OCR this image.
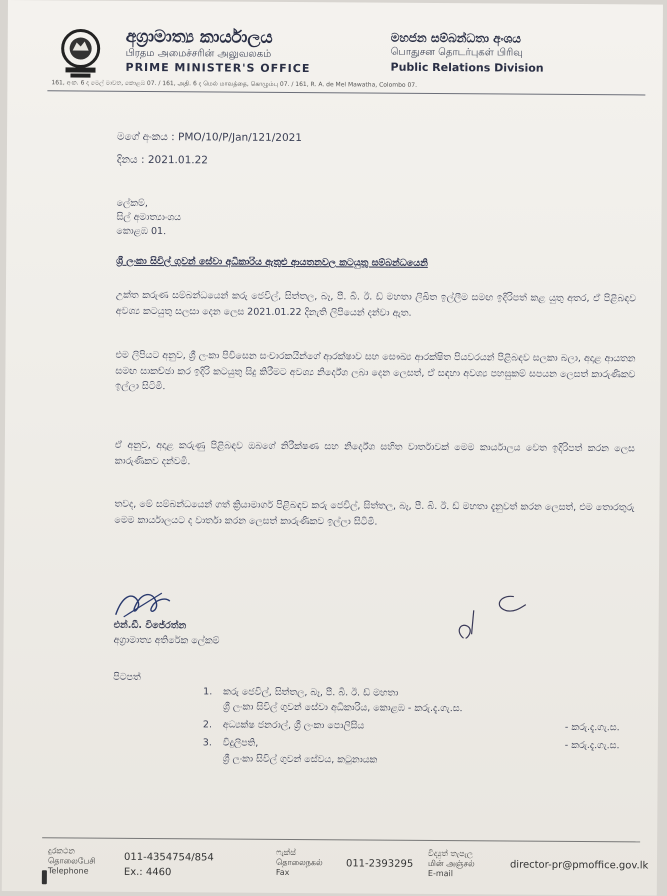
අග්‍රාමාත්‍ය කාර්යාලය
பிரதம அமைச்சரின் அலுவலகம்
PRIME MINISTER'S OFFICE
මහජන සම්බන්ධතා අංශය
பொதுசன தொடர்புகள் பிரிவு
Public Relations Division
161, අංක. 6 ද මෙල් මාවත, කොළඹ 07. / 161, அதி. 6 ද மெல் மாவத்தை, கொழும்பு 07. / 161, R. A. de Mel Mawatha, Colombo 07.
මගේ අංකය : PMO/10/P/Jan/121/2021
දිනය : 2021.01.22
ලේකම්,
සිල් අමාත්‍යාංශය
කොළඹ 01.
ශ්‍රී ලංකා සිවිල් ගුවන් සේවා අධිකාරිය ඇතුළු ආයතනවල කටයුතු සම්බන්ධයෙනි
උක්ත කරුණ සම්බන්ධයෙන් කරු ජෙවිල්, සිත්තල, බෑ, පී. බි. ඊ. ඩ් මහතා ලිඛිත ඉල්ලීම සමඟ ඉදිරිපත් කළ යුතු අතර, ඒ පිළිබඳව අවශ්‍ය කටයුතු සලසා දෙන ලෙස 2021.01.22 දිනැති ලිපියෙන් දන්වා ඇත.
එම ලිපියට අනුව, ශ්‍රී ලංකා පිවිසෙන සංචාරකයින්ගේ ආරක්ෂාව සහ සෞඛ්‍ය ආරක්ෂිත පියවරයන් පිළිබඳව සලකා බලා, අදාළ ආයතන සමඟ සාකච්ඡා කර ඉදිරි කටයුතු සිදු කිරීමට අවශ්‍ය නිර්දේශ ලබා දෙන ලෙසත්, ඒ සඳහා අවශ්‍ය පහසුකම් සපයන ලෙසත් කාරුණිකව ඉල්ලා සිටිමි.
ඒ අනුව, අදාළ කරුණු පිළිබඳව ඔබගේ නිරීක්ෂණ සහ නිර්දේශ සහිත වාර්තාවක් මෙම කාර්යාලය වෙත ඉදිරිපත් කරන ලෙස කාරුණිකව දන්වමි.
තවද, මේ සම්බන්ධයෙන් ගත් ක්‍රියාමාර්ග පිළිබඳව කරු ජෙවිල්, සිත්තල, බෑ, පී. බි. ඊ. ඩ් මහතා දැනුවත් කරන ලෙසත්, එම තොරතුරු මෙම කාර්යාලයට ද වාර්තා කරන ලෙසත් කාරුණිකව ඉල්ලා සිටිමි.
එන්.ඩී. විජේරත්න
අග්‍රාමාත්‍ය අතිරේක ලේකම්
පිටපත්
1. කරු ජෙවිල්, සිත්තල, බෑ, පී. බි. ඊ. ඩ් මහතා
ශ්‍රී ලංකා සිවිල් ගුවන් සේවා අධිකාරිය, කොළඹ - කරු.දැ.ගැ.ස.
2. අධ්‍යක්ෂ ජනරාල්, ශ්‍රී ලංකා පොලිසිය	- කරු.දැ.ගැ.ස.
3. විදුලිපති,	- කරු.දැ.ගැ.ස.
ශ්‍රී ලංකා සිවිල් ගුවන් සේවය, කටුනායක
දුරකථන
தொலைபேசி
Telephone
011-4354754/854
Ex.: 4460
ෆැක්ස්
தொலைநகல்
Fax
011-2393295
විද්‍යුත් තැපැල
மின் அஞ்சல்
E-mail
director-pr@pmoffice.gov.lk
